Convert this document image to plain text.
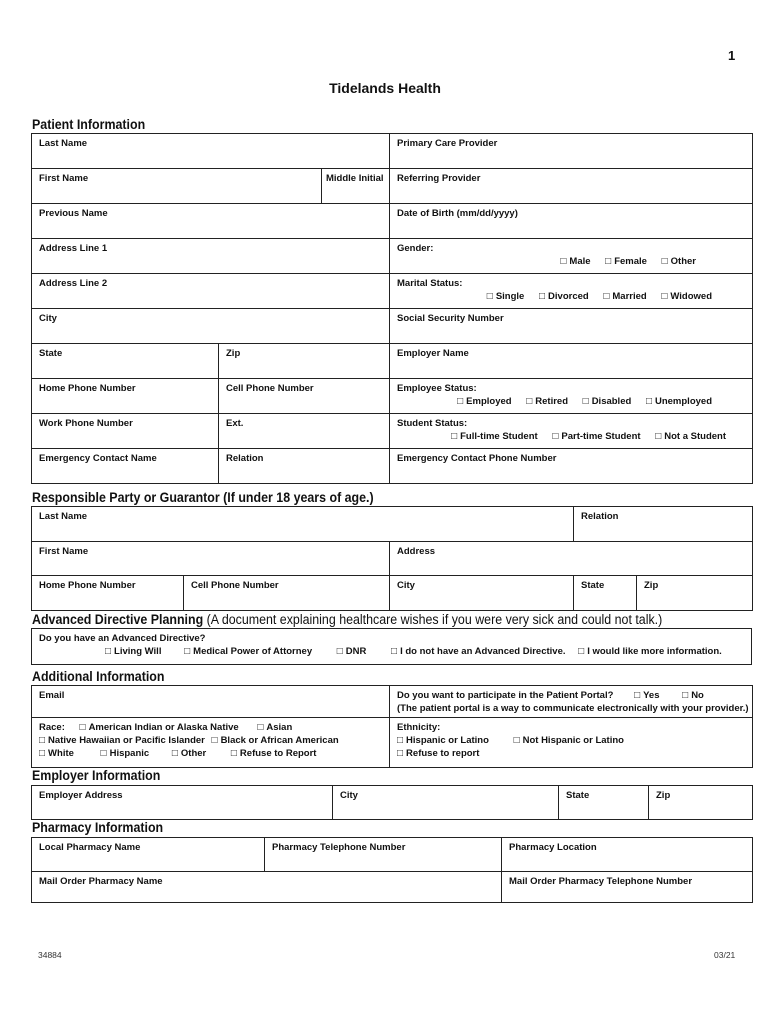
1
Tidelands Health
Patient Information
Last Name			Primary Care Provider

First Name		Middle Initial	Referring Provider

Previous Name			Date of Birth (mm/dd/yyyy)

Address Line 1			Gender:
□ Male □ Female □ Other

Address Line 2			Marital Status:
□ Single □ Divorced □ Married □ Widowed

City			Social Security Number

State	Zip		Employer Name

Home Phone Number	Cell Phone Number		Employee Status:
□ Employed □ Retired □ Disabled □ Unemployed

Work Phone Number	Ext.		Student Status:
□ Full-time Student □ Part-time Student □ Not a Student

Emergency Contact Name	Relation		Emergency Contact Phone Number
Responsible Party or Guarantor (If under 18 years of age.)
Last Name			Relation	

First Name		Address		

Home Phone Number	Cell Phone Number	City	State	Zip
Advanced Directive Planning (A document explaining healthcare wishes if you were very sick and could not talk.)
Do you have an Advanced Directive?
□ Living Will	□ Medical Power of Attorney	□ DNR	□ I do not have an Advanced Directive. □ I would like more information.
Additional Information
Email	Do you want to participate in the Patient Portal? □ Yes □ No
(The patient portal is a way to communicate electronically with your provider.)

Race: □ American Indian or Alaska Native □ Asian
□ Native Hawaiian or Pacific Islander □ Black or African American
□ White □ Hispanic □ Other □ Refuse to Report	Ethnicity:
□ Hispanic or Latino □ Not Hispanic or Latino
□ Refuse to report
Employer Information
Employer Address	City	State	Zip
Pharmacy Information
Local Pharmacy Name	Pharmacy Telephone Number	Pharmacy Location

Mail Order Pharmacy Name		Mail Order Pharmacy Telephone Number
34884	03/21
